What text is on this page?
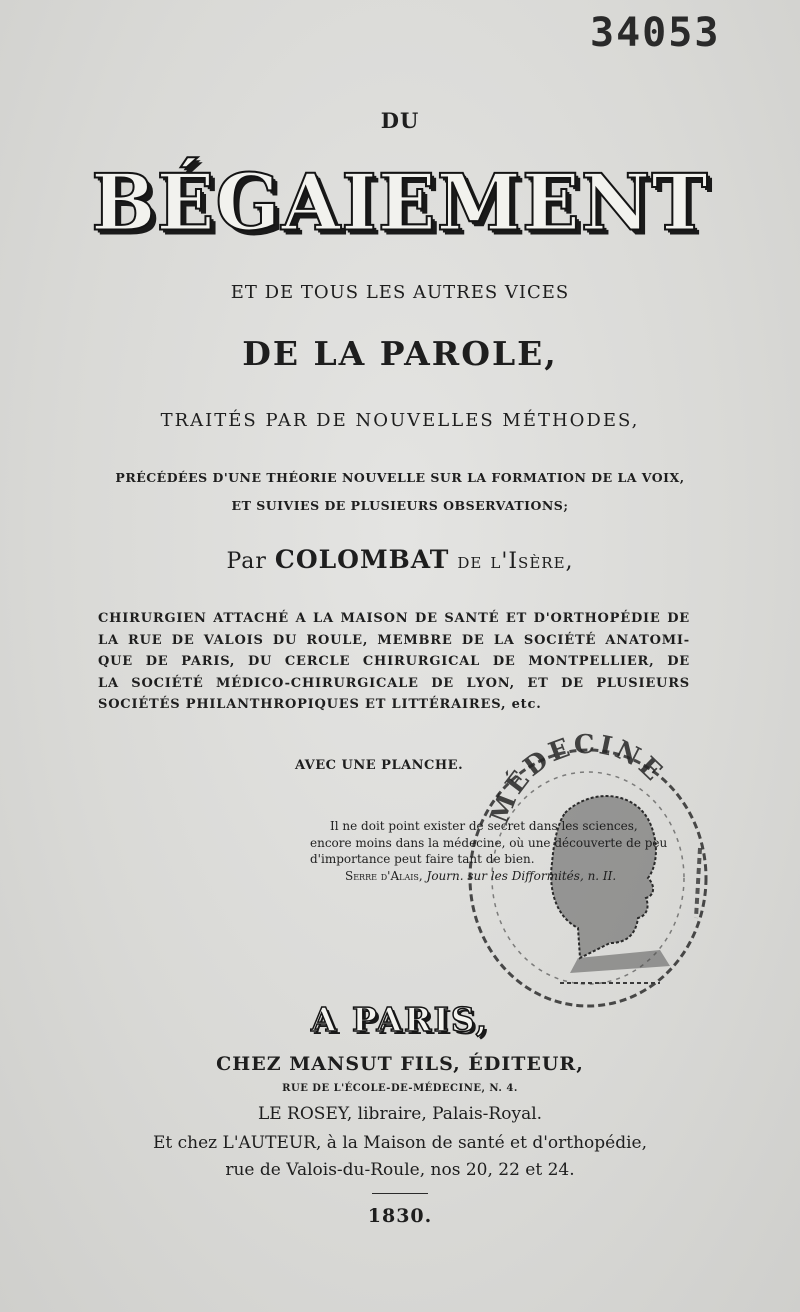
34053
DU
BÉGAIEMENT
ET DE TOUS LES AUTRES VICES
DE LA PAROLE,
TRAITÉS PAR DE NOUVELLES MÉTHODES,
PRÉCÉDÉES D'UNE THÉORIE NOUVELLE SUR LA FORMATION DE LA VOIX,
ET SUIVIES DE PLUSIEURS OBSERVATIONS;
Par COLOMBAT de l'Isère,
CHIRURGIEN ATTACHÉ A LA MAISON DE SANTÉ ET D'ORTHOPÉDIE DE
LA RUE DE VALOIS DU ROULE, MEMBRE DE LA SOCIÉTÉ ANATOMI-
QUE DE PARIS, DU CERCLE CHIRURGICAL DE MONTPELLIER, DE
LA SOCIÉTÉ MÉDICO-CHIRURGICALE DE LYON, ET DE PLUSIEURS
SOCIÉTÉS PHILANTHROPIQUES ET LITTÉRAIRES, etc.
AVEC UNE PLANCHE.
MÉDECINE
Il ne doit point exister de secret dans les sciences,
encore moins dans la médecine, où une découverte de peu
d'importance peut faire tant de bien.
Serre d'Alais, Journ. sur les Difformités, n. II.
A PARIS,
CHEZ MANSUT FILS, ÉDITEUR,
RUE DE L'ÉCOLE-DE-MÉDECINE, N. 4.
LE ROSEY, libraire, Palais-Royal.
Et chez L'AUTEUR, à la Maison de santé et d'orthopédie,
rue de Valois-du-Roule, nos 20, 22 et 24.
1830.
